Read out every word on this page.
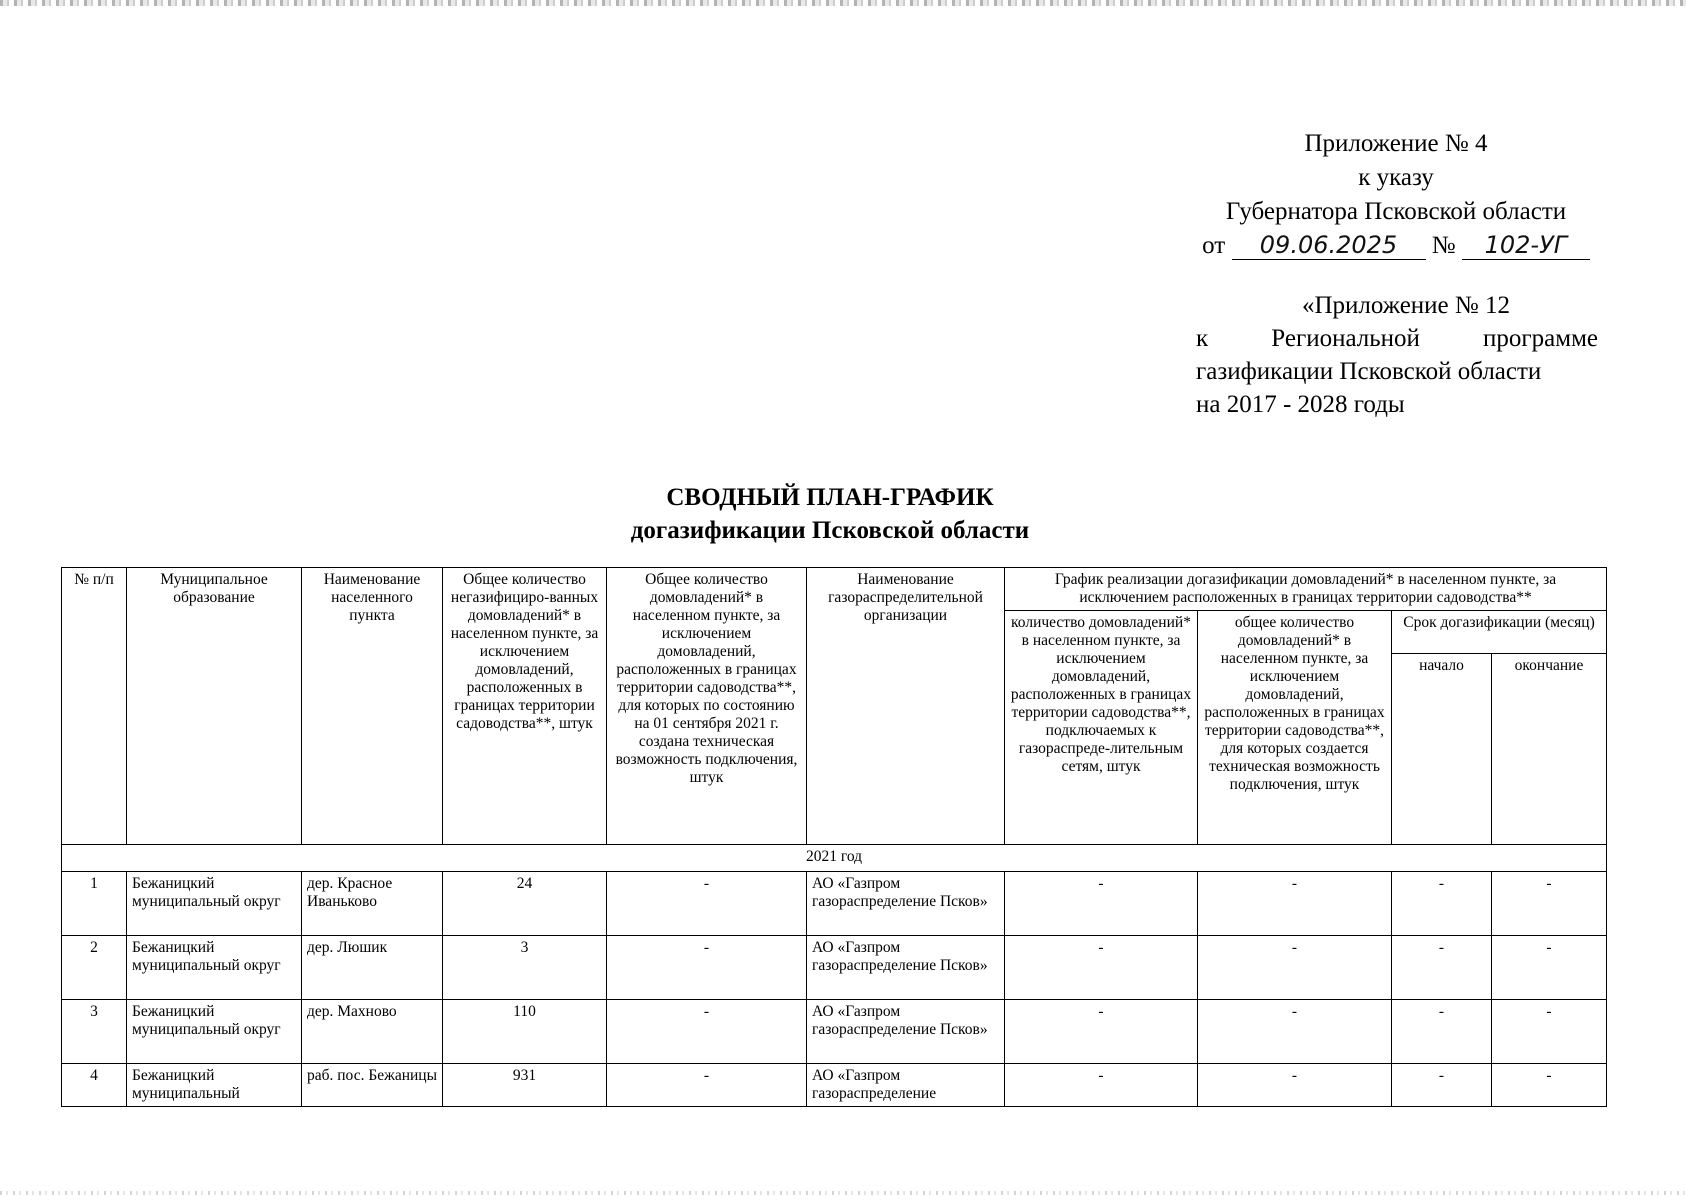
Приложение № 4
к указу
Губернатора Псковской области
от 09.06.2025 № 102-УГ
«Приложение № 12
к Региональной программе
газификации Псковской области
на 2017 - 2028 годы
СВОДНЫЙ ПЛАН-ГРАФИК
догазификации Псковской области
№ п/п	Муниципальное образование	Наименование населенного пункта	Общее количество негазифициро-ванных домовладений* в населенном пункте, за исключением домовладений, расположенных в границах территории садоводства**, штук	Общее количество домовладений* в населенном пункте, за исключением домовладений, расположенных в границах территории садоводства**, для которых по состоянию на 01 сентября 2021 г. создана техническая возможность подключения, штук	Наименование газораспределительной организации	График реализации догазификации домовладений* в населенном пункте, за исключением расположенных в границах территории садоводства**			
						количество домовладений* в населенном пункте, за исключением домовладений, расположенных в границах территории садоводства**, подключаемых к газораспреде-лительным сетям, штук	общее количество домовладений* в населенном пункте, за исключением домовладений, расположенных в границах территории садоводства**, для которых создается техническая возможность подключения, штук	Срок догазификации (месяц)	
								начало	окончание
2021 год									
1	Бежаницкий муниципальный округ	дер. Красное Иваньково	24	-	АО «Газпром газораспределение Псков»	-	-	-	-
2	Бежаницкий муниципальный округ	дер. Люшик	3	-	АО «Газпром газораспределение Псков»	-	-	-	-
3	Бежаницкий муниципальный округ	дер. Махново	110	-	АО «Газпром газораспределение Псков»	-	-	-	-
4	Бежаницкий муниципальный	раб. пос. Бежаницы	931	-	АО «Газпром газораспределение	-	-	-	-
